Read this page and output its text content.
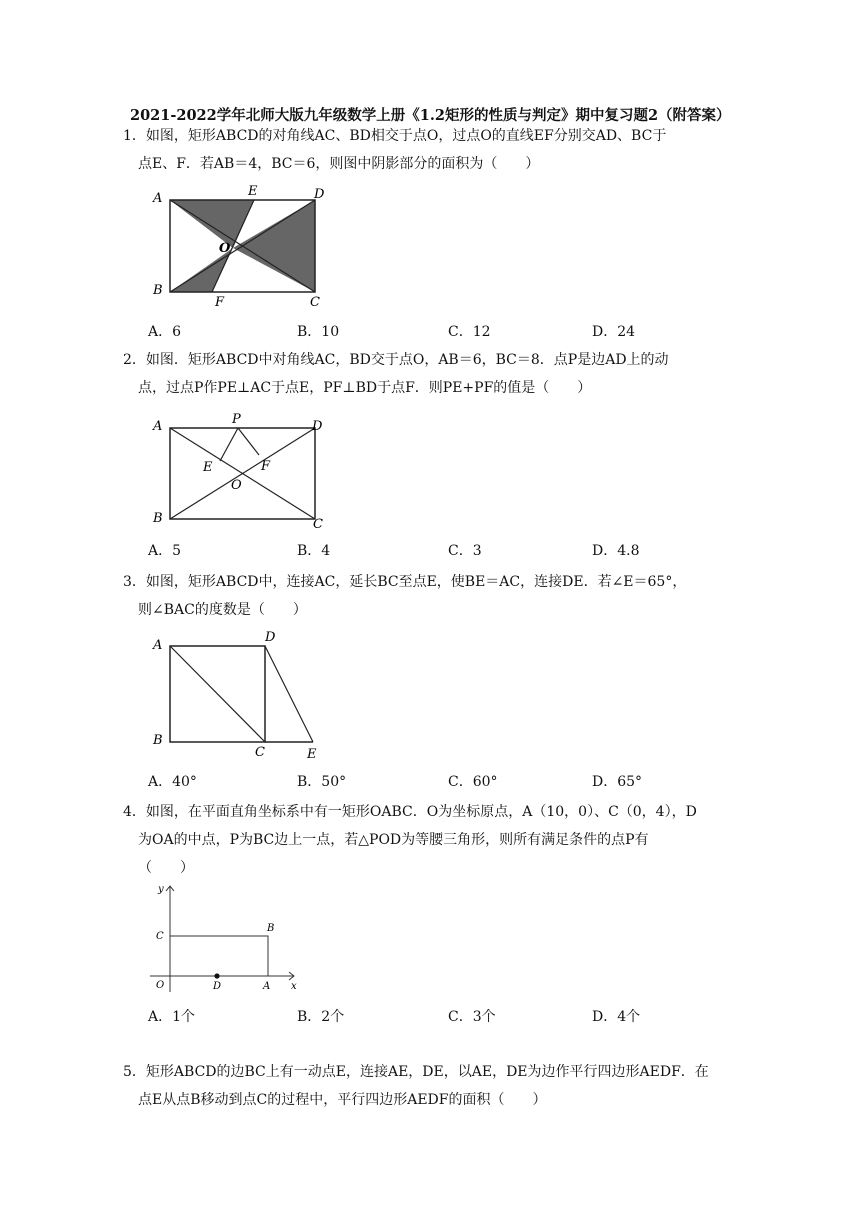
2021-2022学年北师大版九年级数学上册《1.2矩形的性质与判定》期中复习题2（附答案）
1．如图，矩形ABCD的对角线AC、BD相交于点O，过点O的直线EF分别交AD、BC于
点E、F．若AB＝4，BC＝6，则图中阴影部分的面积为（　　）
A	E	D
O
B
F	C
A．6	B．10	C．12	D．24
2．如图．矩形ABCD中对角线AC，BD交于点O，AB＝6，BC＝8．点P是边AD上的动
点，过点P作PE⊥AC于点E，PF⊥BD于点F．则PE+PF的值是（　　）
A	P	D
E	F
O
B	C
A．5	B．4	C．3	D．4.8
3．如图，矩形ABCD中，连接AC，延长BC至点E，使BE＝AC，连接DE．若∠E＝65°，
则∠BAC的度数是（　　）
A
D
B
C	E
A．40°	B．50°	C．60°	D．65°
4．如图，在平面直角坐标系中有一矩形OABC．O为坐标原点，A（10，0）、C（0，4），D
为OA的中点，P为BC边上一点，若△POD为等腰三角形，则所有满足条件的点P有
（　　）
y
C
B
O	D	A x
A．1个	B．2个	C．3个	D．4个
5．矩形ABCD的边BC上有一动点E，连接AE，DE，以AE，DE为边作平行四边形AEDF．在
点E从点B移动到点C的过程中，平行四边形AEDF的面积（　　）
